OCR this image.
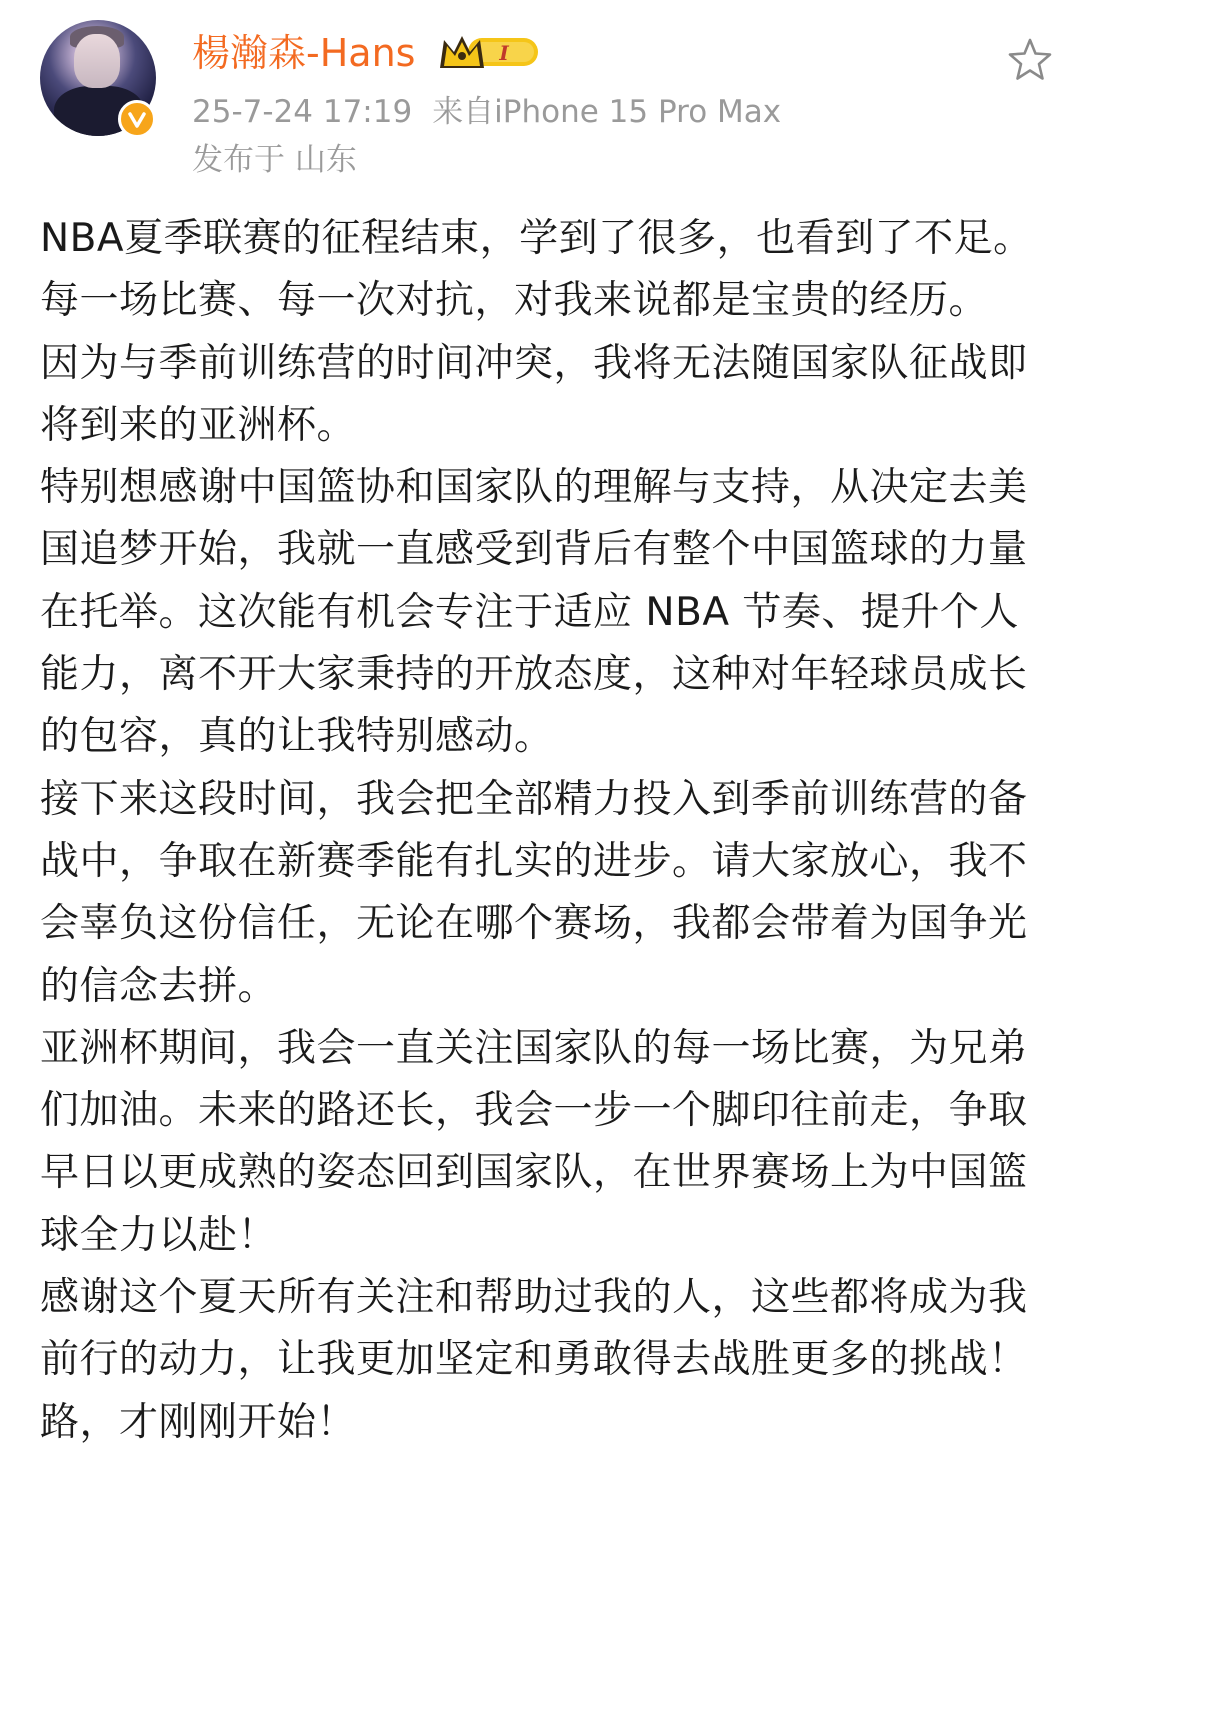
楊瀚森-Hans	I
25-7-24 17:19 来自iPhone 15 Pro Max
发布于 山东

NBA夏季联赛的征程结束，学到了很多，也看到了不足。每一场比赛、每一次对抗，对我来说都是宝贵的经历。

因为与季前训练营的时间冲突，我将无法随国家队征战即将到来的亚洲杯。

特别想感谢中国篮协和国家队的理解与支持，从决定去美国追梦开始，我就一直感受到背后有整个中国篮球的力量在托举。这次能有机会专注于适应 NBA 节奏、提升个人能力，离不开大家秉持的开放态度，这种对年轻球员成长的包容，真的让我特别感动。

接下来这段时间，我会把全部精力投入到季前训练营的备战中，争取在新赛季能有扎实的进步。请大家放心，我不会辜负这份信任，无论在哪个赛场，我都会带着为国争光的信念去拼。

亚洲杯期间，我会一直关注国家队的每一场比赛，为兄弟们加油。未来的路还长，我会一步一个脚印往前走，争取早日以更成熟的姿态回到国家队，在世界赛场上为中国篮球全力以赴！

感谢这个夏天所有关注和帮助过我的人，这些都将成为我前行的动力，让我更加坚定和勇敢得去战胜更多的挑战！

路，才刚刚开始！
